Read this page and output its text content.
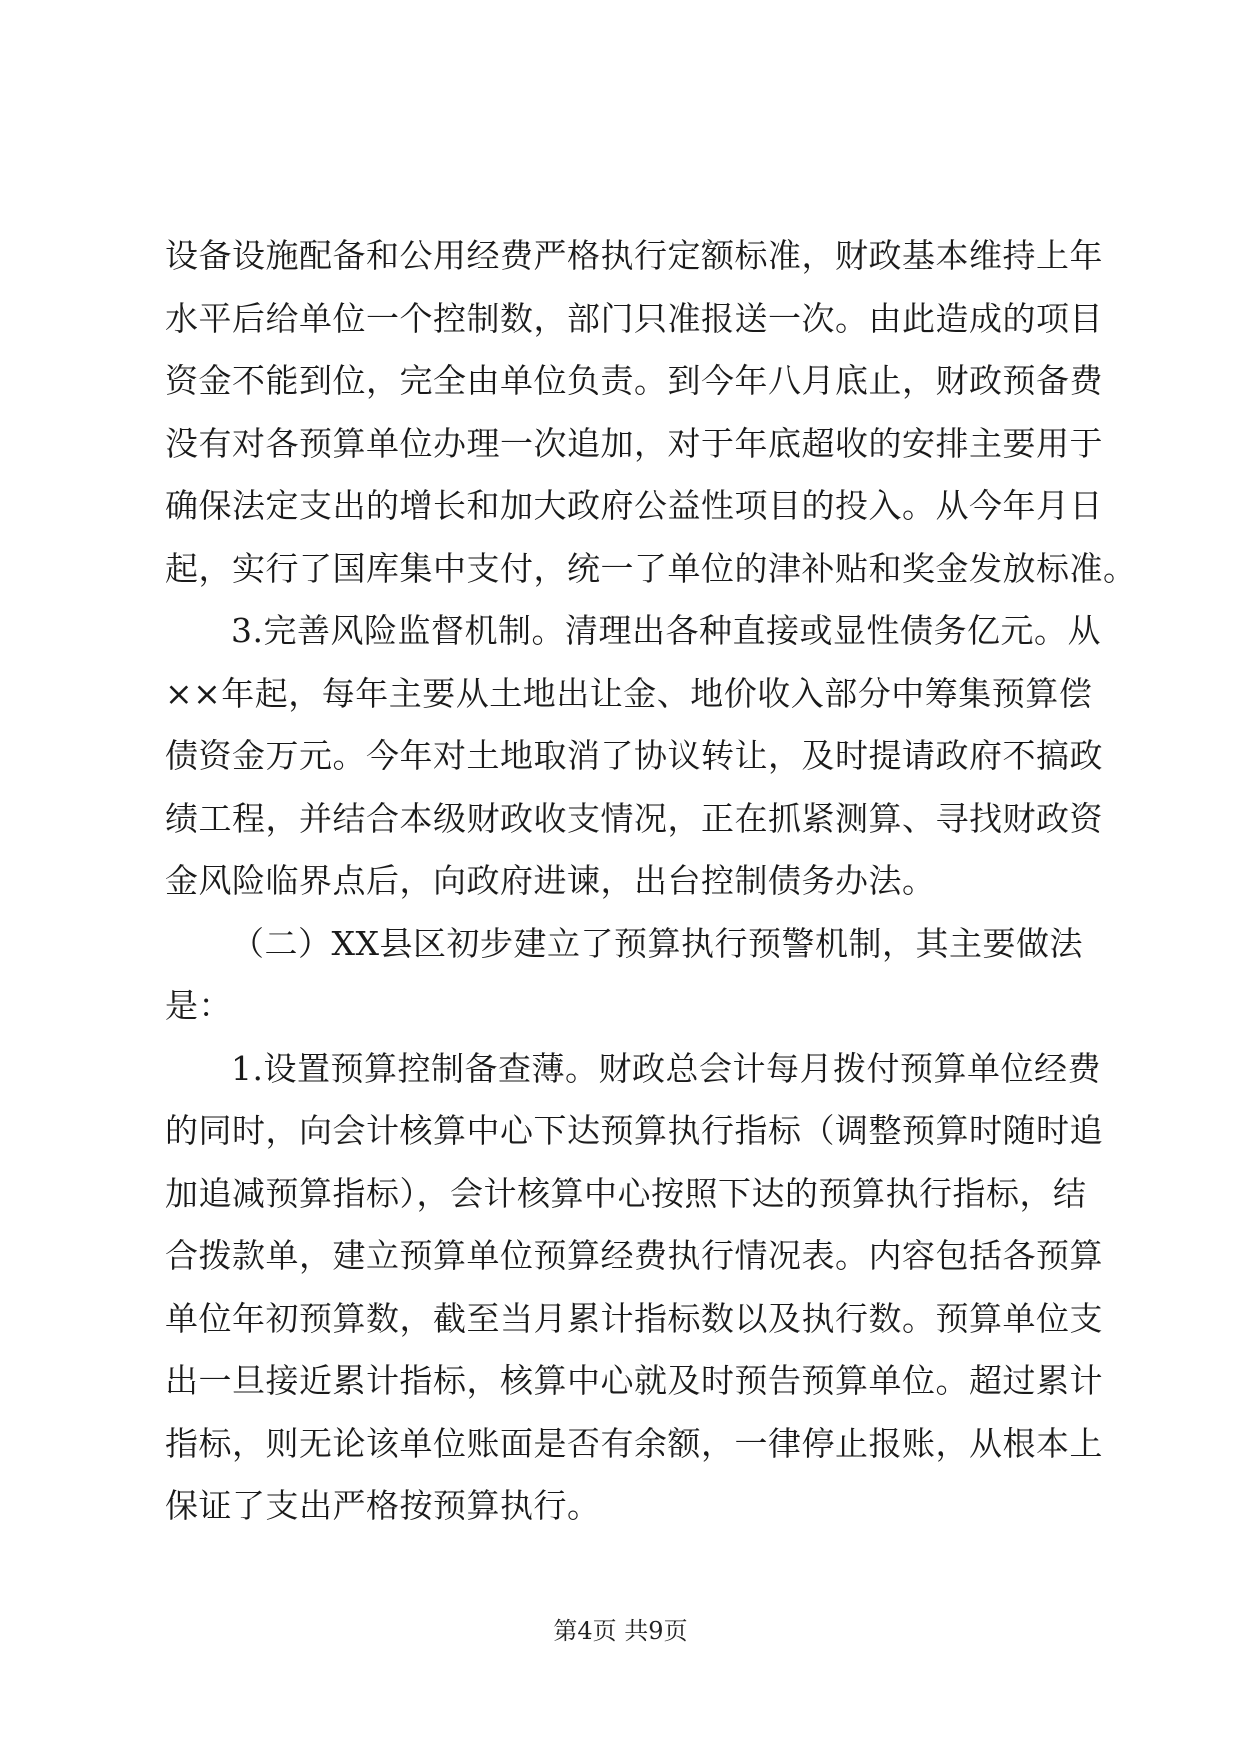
设备设施配备和公用经费严格执行定额标准，财政基本维持上年
水平后给单位一个控制数，部门只准报送一次。由此造成的项目
资金不能到位，完全由单位负责。到今年八月底止，财政预备费
没有对各预算单位办理一次追加，对于年底超收的安排主要用于
确保法定支出的增长和加大政府公益性项目的投入。从今年月日
起，实行了国库集中支付，统一了单位的津补贴和奖金发放标准。

3.完善风险监督机制。清理出各种直接或显性债务亿元。从
××年起，每年主要从土地出让金、地价收入部分中筹集预算偿
债资金万元。今年对土地取消了协议转让，及时提请政府不搞政
绩工程，并结合本级财政收支情况，正在抓紧测算、寻找财政资
金风险临界点后，向政府进谏，出台控制债务办法。

（二）XX县区初步建立了预算执行预警机制，其主要做法
是：

1.设置预算控制备查薄。财政总会计每月拨付预算单位经费
的同时，向会计核算中心下达预算执行指标（调整预算时随时追
加追减预算指标），会计核算中心按照下达的预算执行指标，结
合拨款单，建立预算单位预算经费执行情况表。内容包括各预算
单位年初预算数，截至当月累计指标数以及执行数。预算单位支
出一旦接近累计指标，核算中心就及时预告预算单位。超过累计
指标，则无论该单位账面是否有余额，一律停止报账，从根本上
保证了支出严格按预算执行。

第4页 共9页
